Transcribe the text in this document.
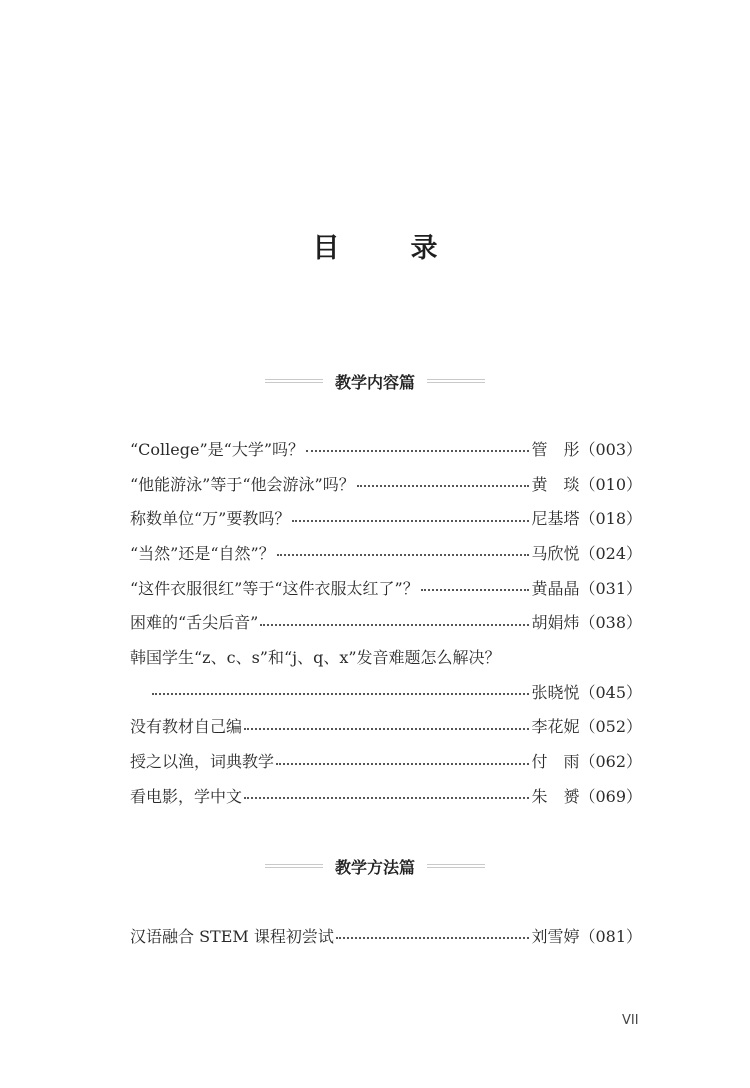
目　录
教学内容篇
“College”是“大学”吗？	管　彤 （003）
“他能游泳”等于“他会游泳”吗？	黄　琰 （010）
称数单位“万”要教吗？	尼基塔 （018）
“当然”还是“自然”？	马欣悦 （024）
“这件衣服很红”等于“这件衣服太红了”？	黄晶晶 （031）
困难的“舌尖后音”	胡娟炜 （038）
韩国学生“z、c、s”和“j、q、x”发音难题怎么解决？
张晓悦 （045）
没有教材自己编	李花妮 （052）
授之以渔，词典教学	付　雨 （062）
看电影，学中文	朱　赟 （069）
教学方法篇
汉语融合 STEM 课程初尝试	刘雪婷 （081）
VII
